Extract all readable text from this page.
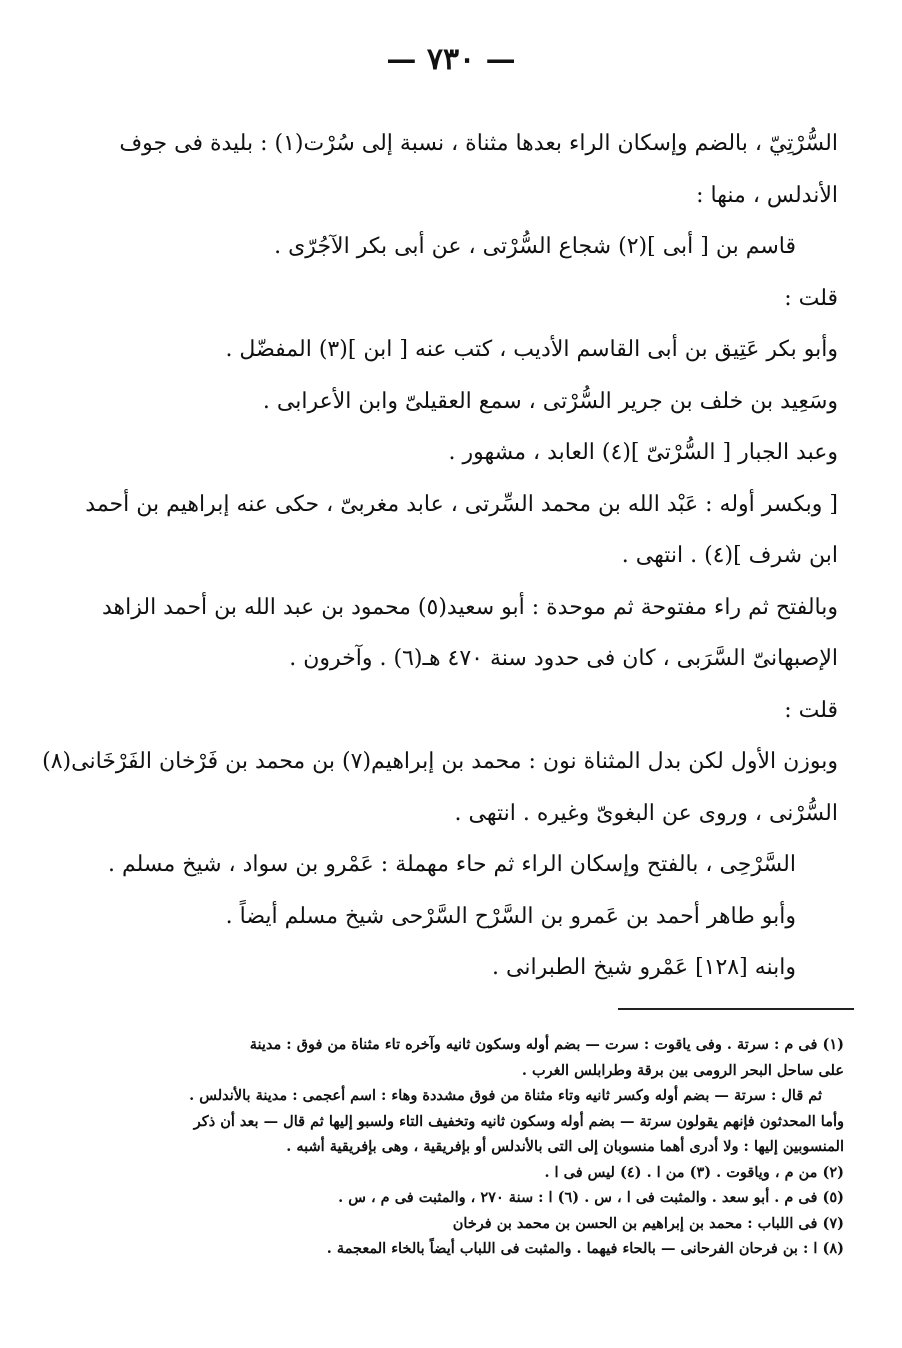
— ٧٣٠ —
السُّرْتِيّ ، بالضم وإسكان الراء بعدها مثناة ، نسبة إلى سُرْت(١) : بليدة فى جوف
الأندلس ، منها :
قاسم بن [ أبى ](٢) شجاع السُّرْتى ، عن أبى بكر الآجُرّى .
قلت :
وأبو بكر عَتِيق بن أبى القاسم الأديب ، كتب عنه [ ابن ](٣) المفضّل .
وسَعِيد بن خلف بن جرير السُّرْتى ، سمع العقيلىّ وابن الأعرابى .
وعبد الجبار [ السُّرْتىّ ](٤) العابد ، مشهور .
[ وبكسر أوله : عَبْد الله بن محمد السِّرتى ، عابد مغربىّ ، حكى عنه إبراهيم بن أحمد
ابن شرف ](٤) . انتهى .
وبالفتح ثم راء مفتوحة ثم موحدة : أبو سعيد(٥) محمود بن عبد الله بن أحمد الزاهد
الإصبهانىّ السَّرَبى ، كان فى حدود سنة ٤٧٠ هـ(٦) . وآخرون .
قلت :
وبوزن الأول لكن بدل المثناة نون : محمد بن إبراهيم(٧) بن محمد بن فَرْخان الفَرْخَانى(٨)
السُّرْنى ، وروى عن البغوىّ وغيره . انتهى .
السَّرْحِى ، بالفتح وإسكان الراء ثم حاء مهملة : عَمْرو بن سواد ، شيخ مسلم .
وأبو طاهر أحمد بن عَمرو بن السَّرْح السَّرْحى شيخ مسلم أيضاً .
وابنه [١٢٨] عَمْرو شيخ الطبرانى .
(١) فى م : سرتة . وفى ياقوت : سرت — بضم أوله وسكون ثانيه وآخره تاء مثناة من فوق : مدينة
على ساحل البحر الرومى بين برقة وطرابلس الغرب .
ثم قال : سرتة — بضم أوله وكسر ثانيه وتاء مثناة من فوق مشددة وهاء : اسم أعجمى : مدينة بالأندلس .
وأما المحدثون فإنهم يقولون سرتة — بضم أوله وسكون ثانيه وتخفيف التاء ولسبو إليها ثم قال — بعد أن ذكر
المنسوبين إليها : ولا أدرى أهما منسوبان إلى التى بالأندلس أو بإفريقية ، وهى بإفريقية أشبه .
(٢) من م ، وياقوت . (٣) من ا . (٤) ليس فى ا .
(٥) فى م . أبو سعد . والمثبت فى ا ، س . (٦) ا : سنة ٢٧٠ ، والمثبت فى م ، س .
(٧) فى اللباب : محمد بن إبراهيم بن الحسن بن محمد بن فرخان
(٨) ا : بن فرحان الفرحانى — بالحاء فيهما . والمثبت فى اللباب أيضاً بالخاء المعجمة .
